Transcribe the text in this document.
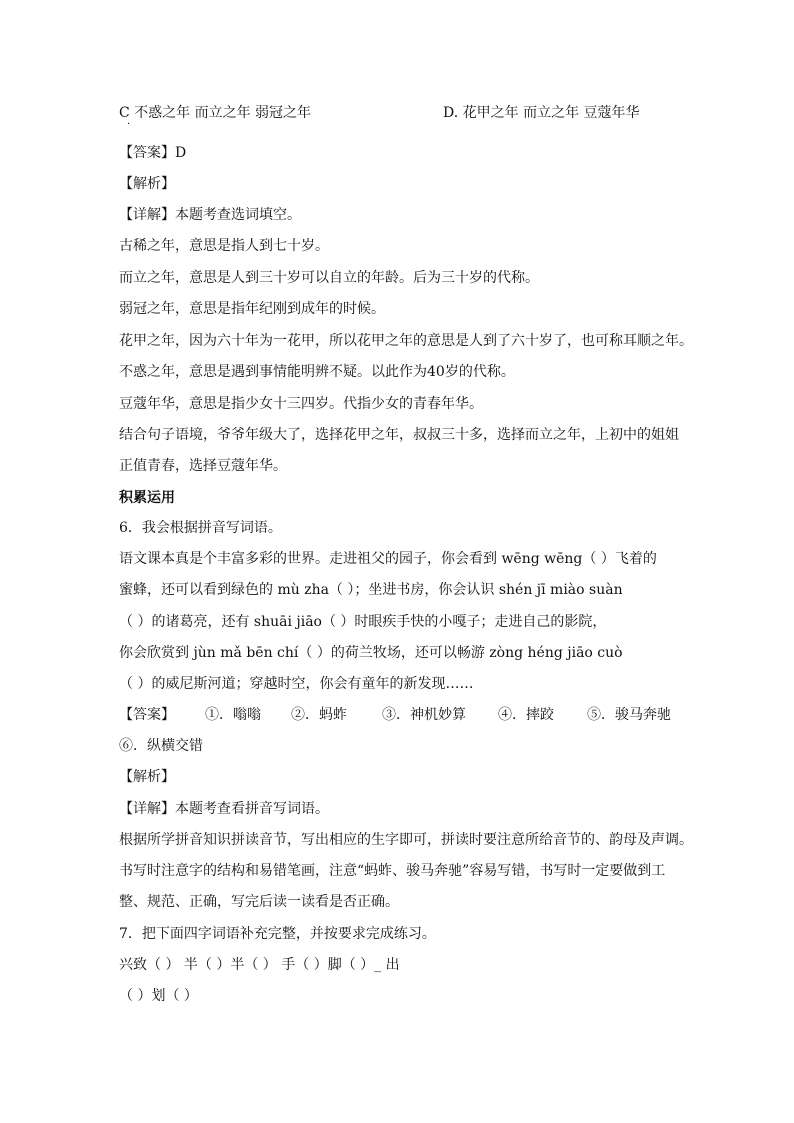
C 不惑之年 而立之年 弱冠之年	D. 花甲之年 而立之年 豆蔻年华
·
【答案】D
【解析】
【详解】本题考查选词填空。
古稀之年，意思是指人到七十岁。
而立之年，意思是人到三十岁可以自立的年龄。后为三十岁的代称。
弱冠之年，意思是指年纪刚到成年的时候。
花甲之年，因为六十年为一花甲，所以花甲之年的意思是人到了六十岁了，也可称耳顺之年。
不惑之年，意思是遇到事情能明辨不疑。以此作为40岁的代称。
豆蔻年华，意思是指少女十三四岁。代指少女的青春年华。
结合句子语境，爷爷年级大了，选择花甲之年，叔叔三十多，选择而立之年，上初中的姐姐
正值青春，选择豆蔻年华。
积累运用
6．我会根据拼音写词语。
语文课本真是个丰富多彩的世界。走进祖父的园子，你会看到 wēng wēng（ ）飞着的
蜜蜂，还可以看到绿色的 mù zha（ ）；坐进书房，你会认识 shén jī miào suàn
（ ）的诸葛亮，还有 shuāi jiāo（ ）时眼疾手快的小嘎子；走进自己的影院，
你会欣赏到 jùn mǎ bēn chí（ ）的荷兰牧场，还可以畅游 zòng héng jiāo cuò
（ ）的威尼斯河道；穿越时空，你会有童年的新发现……
【答案】 ①．嗡嗡 ②．蚂蚱	③．神机妙算 ④．摔跤 ⑤．骏马奔驰
⑥．纵横交错
【解析】
【详解】本题考查看拼音写词语。
根据所学拼音知识拼读音节，写出相应的生字即可，拼读时要注意所给音节的、韵母及声调。
书写时注意字的结构和易错笔画，注意“蚂蚱、骏马奔驰”容易写错，书写时一定要做到工
整、规范、正确，写完后读一读看是否正确。
7．把下面四字词语补充完整，并按要求完成练习。
兴致（ ） 半（ ）半（ ） 手（ ）脚（ ）_ 出
（ ）划（ ）
